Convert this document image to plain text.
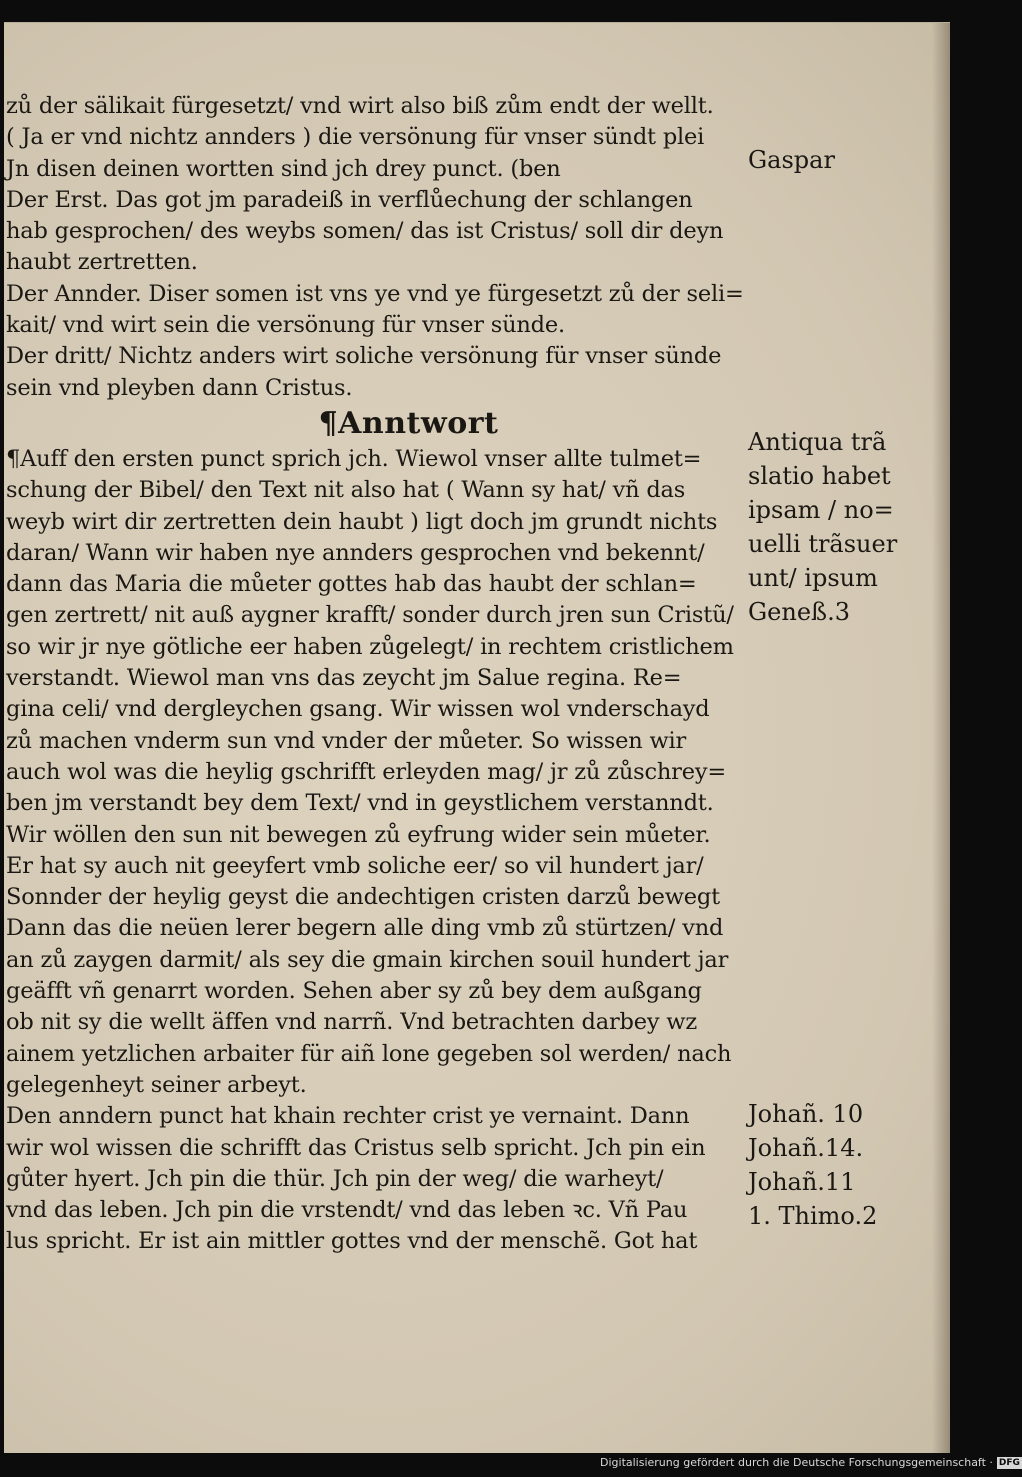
zů der sälikait fürgesetzt/ vnd wirt also biß zům endt der wellt.
( Ja er vnd nichtz annders ) die versönung für vnser sündt plei
Jn disen deinen wortten sind jch drey punct. (ben
Der Erst. Das got jm paradeiß in verflůechung der schlangen
hab gesprochen/ des weybs somen/ das ist Cristus/ soll dir deyn
haubt zertretten.
Der Annder. Diser somen ist vns ye vnd ye fürgesetzt zů der seli=
kait/ vnd wirt sein die versönung für vnser sünde.
Der dritt/ Nichtz anders wirt soliche versönung für vnser sünde
sein vnd pleyben dann Cristus.
¶Anntwort
¶Auff den ersten punct sprich jch. Wiewol vnser allte tulmet=
schung der Bibel/ den Text nit also hat ( Wann sy hat/ vñ das
weyb wirt dir zertretten dein haubt ) ligt doch jm grundt nichts
daran/ Wann wir haben nye annders gesprochen vnd bekennt/
dann das Maria die můeter gottes hab das haubt der schlan=
gen zertrett/ nit auß aygner krafft/ sonder durch jren sun Cristũ/
so wir jr nye götliche eer haben zůgelegt/ in rechtem cristlichem
verstandt. Wiewol man vns das zeycht jm Salue regina. Re=
gina celi/ vnd dergleychen gsang. Wir wissen wol vnderschayd
zů machen vnderm sun vnd vnder der můeter. So wissen wir
auch wol was die heylig gschrifft erleyden mag/ jr zů zůschrey=
ben jm verstandt bey dem Text/ vnd in geystlichem verstanndt.
Wir wöllen den sun nit bewegen zů eyfrung wider sein můeter.
Er hat sy auch nit geeyfert vmb soliche eer/ so vil hundert jar/
Sonnder der heylig geyst die andechtigen cristen darzů bewegt
Dann das die neüen lerer begern alle ding vmb zů stürtzen/ vnd
an zů zaygen darmit/ als sey die gmain kirchen souil hundert jar
geäfft vñ genarrt worden. Sehen aber sy zů bey dem außgang
ob nit sy die wellt äffen vnd narrñ. Vnd betrachten darbey wz
ainem yetzlichen arbaiter für aiñ lone gegeben sol werden/ nach
gelegenheyt seiner arbeyt.
Den anndern punct hat khain rechter crist ye vernaint. Dann
wir wol wissen die schrifft das Cristus selb spricht. Jch pin ein
gůter hyert. Jch pin die thür. Jch pin der weg/ die warheyt/
vnd das leben. Jch pin die vrstendt/ vnd das leben ꝛc. Vñ Pau
lus spricht. Er ist ain mittler gottes vnd der menschẽ. Got hat
Gaspar
Antiqua trã
slatio habet
ipsam / no=
uelli trãsuer
unt/ ipsum
Geneß.3
Johañ. 10
Johañ.14.
Johañ.11
1. Thimo.2
Digitalisierung gefördert durch die Deutsche Forschungsgemeinschaft · DFG
